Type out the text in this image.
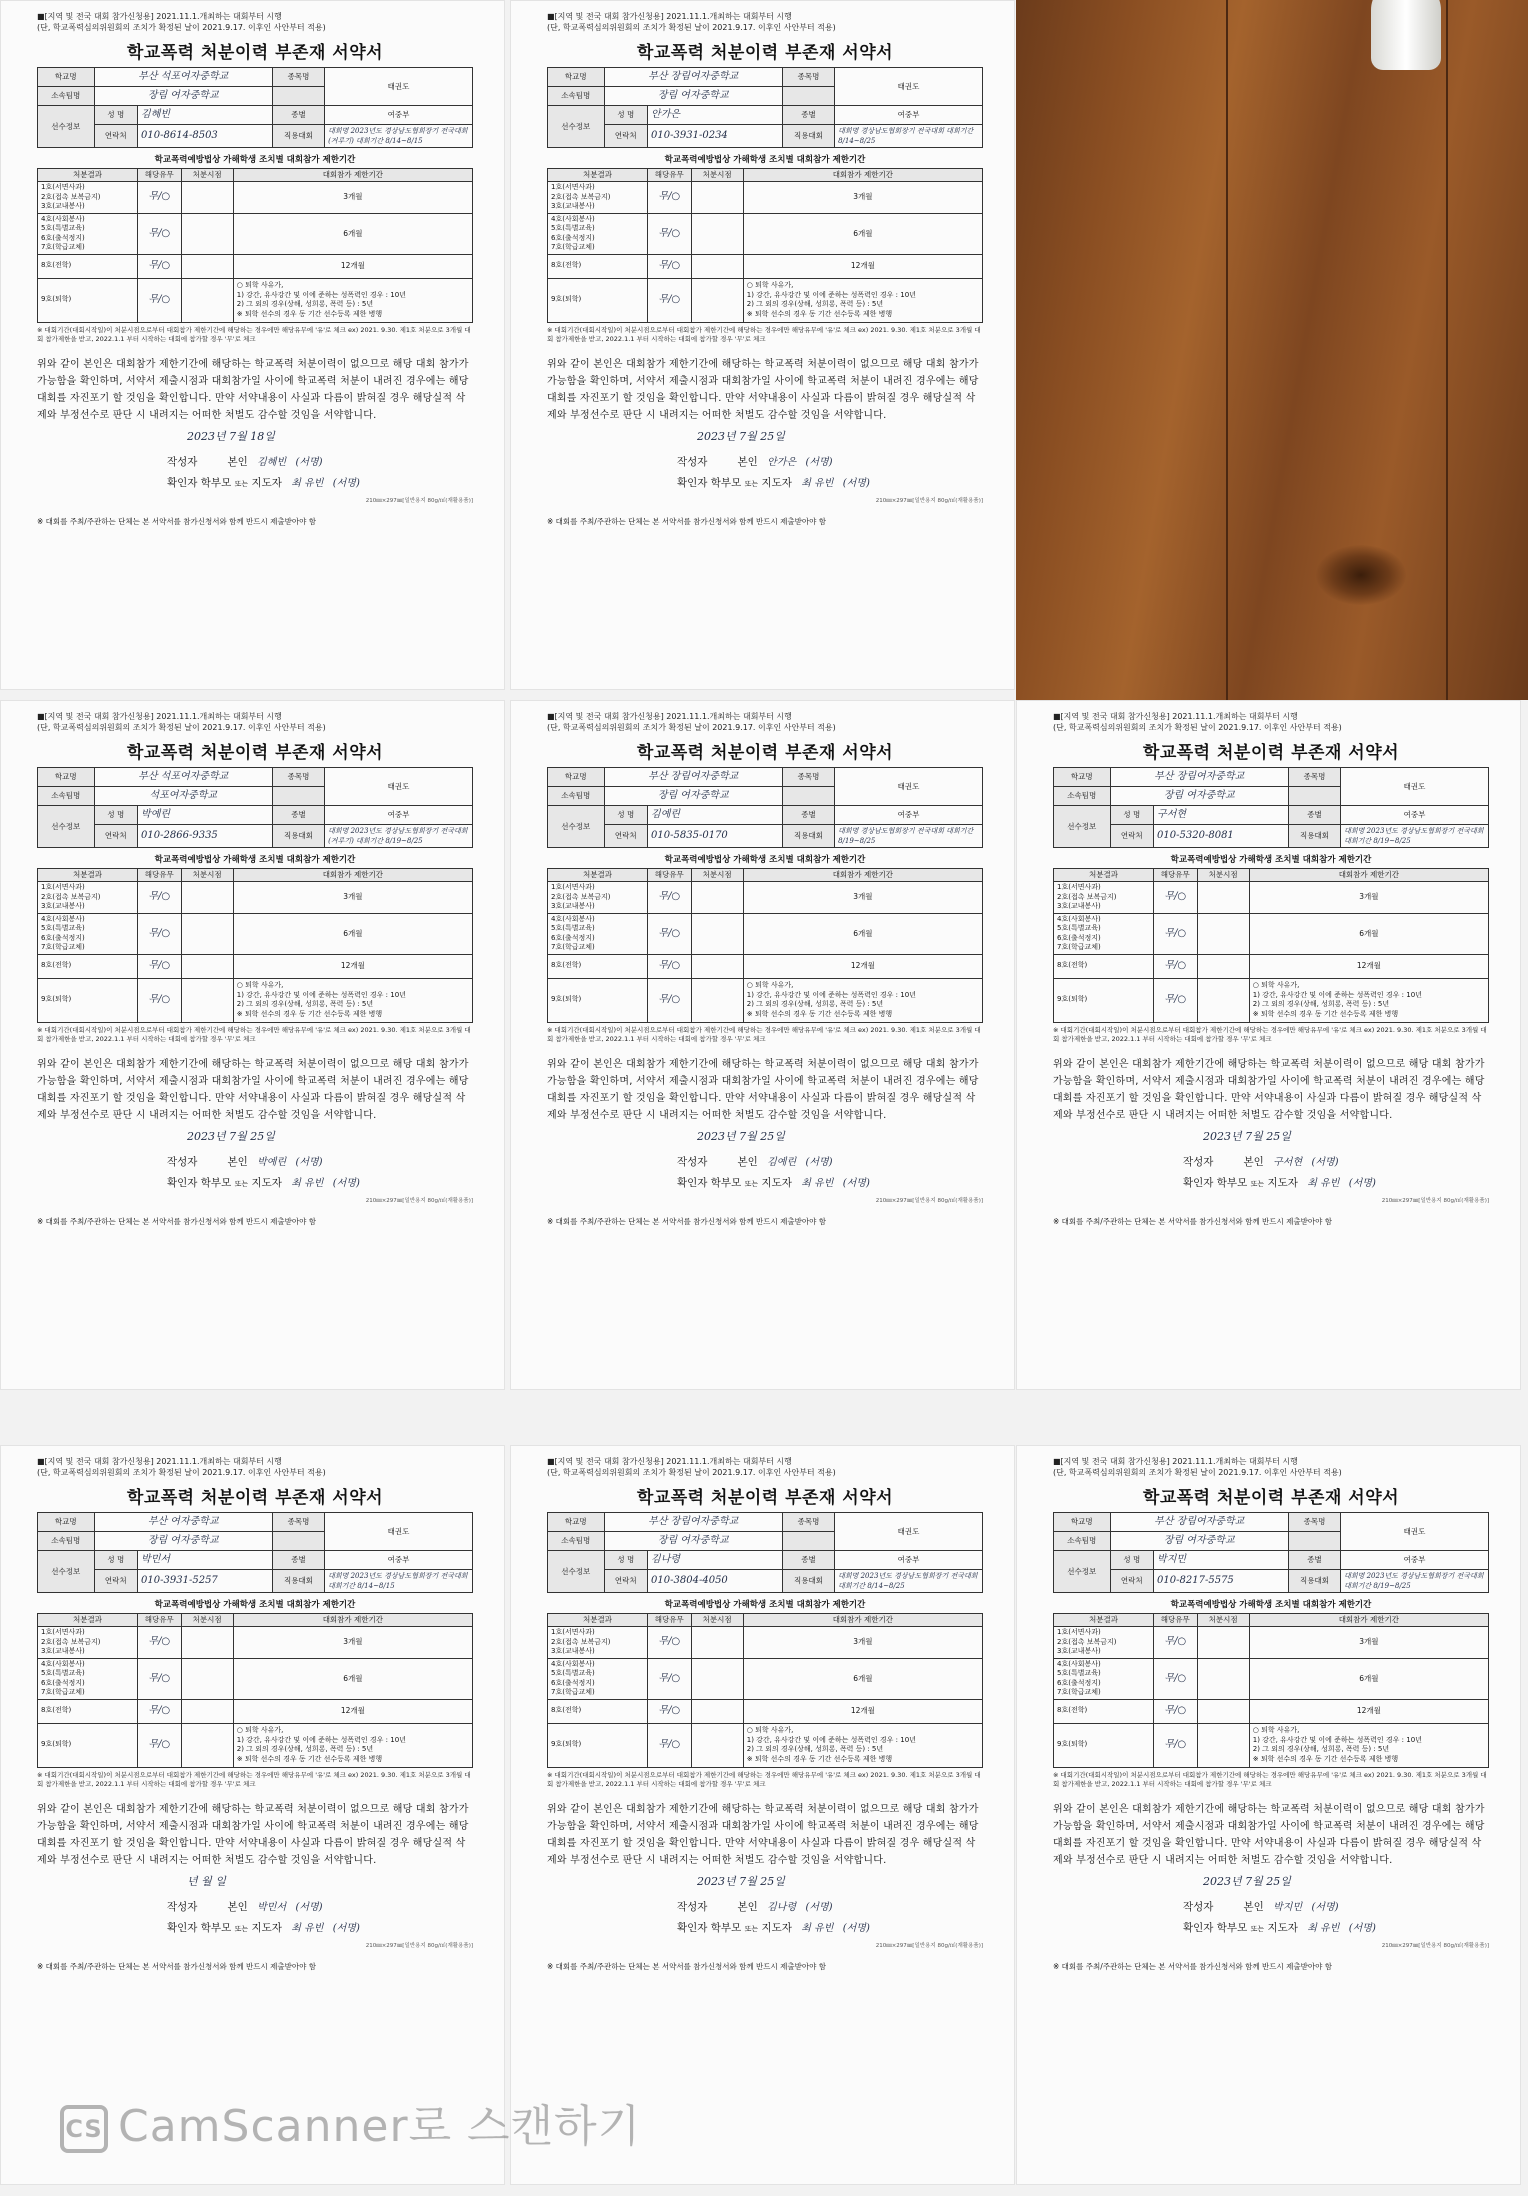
■[지역 및 전국 대회 참가신청용] 2021.11.1.개최하는 대회부터 시행
(단, 학교폭력심의위원회의 조치가 확정된 날이 2021.9.17. 이후인 사안부터 적용)
학교폭력 처분이력 부존재 서약서
학교명	부산 석포여자중학교		종목명	태권도
소속팀명	장림 여자중학교			
선수정보	성 명	김혜빈	종별	여중부
	연락처	010-8614-8503	직용대회	대회명 2023년도 경상남도협회장기 전국대회(겨루기) 대회기간 8/14~8/15
학교폭력예방법상 가해학생 조치별 대회참가 제한기간
처분결과	해당유무	처분시점	대회참가 제한기간

1호(서면사과)
2호(접촉 보복금지)
3호(교내봉사)	무/○		3개월

4호(사회봉사)
5호(특별교육)
6호(출석정지)
7호(학급교체)	무/○		6개월

8호(전학)	무/○		12개월

9호(퇴학)	무/○		○ 퇴학 사유가,
1) 강간, 유사강간 및 이에 준하는 성폭력인 경우 : 10년
2) 그 외의 경우(상해, 성희롱, 폭력 등) : 5년
※ 퇴학 선수의 경우 동 기간 선수등록 제한 병행
※ 대회기간(대회시작일)이 처분시점으로부터 대회참가 제한기간에 해당하는 경우에만 해당유무에 '유'로 체크 ex) 2021. 9.30. 제1호 처분으로 3개월 대회 참가제한을 받고, 2022.1.1 부터 시작하는 대회에 참가할 경우 '무'로 체크
위와 같이 본인은 대회참가 제한기간에 해당하는 학교폭력 처분이력이 없으므로 해당 대회 참가가 가능함을 확인하며, 서약서 제출시점과 대회참가일 사이에 학교폭력 처분이 내려진 경우에는 해당대회를 자진포기 할 것임을 확인합니다. 만약 서약내용이 사실과 다름이 밝혀질 경우 해당실적 삭제와 부정선수로 판단 시 내려지는 어떠한 처벌도 감수할 것임을 서약합니다.
2023년 7월 18일
작성자	본인 김혜빈 (서명)
확인자 학부모 또는 지도자 최 유빈 (서명)
210㎜×297㎜[일반용지 80g/㎡(재활용품)]
※ 대회를 주최/주관하는 단체는 본 서약서를 참가신청서와 함께 반드시 제출받아야 함
■[지역 및 전국 대회 참가신청용] 2021.11.1.개최하는 대회부터 시행
(단, 학교폭력심의위원회의 조치가 확정된 날이 2021.9.17. 이후인 사안부터 적용)
학교폭력 처분이력 부존재 서약서
학교명	부산 장림여자중학교		종목명	태권도
소속팀명	장림 여자중학교			
선수정보	성 명	안가은	종별	여중부
	연락처	010-3931-0234	직용대회	대회명 경상남도협회장기 전국대회 대회기간 8/14~8/25
학교폭력예방법상 가해학생 조치별 대회참가 제한기간
처분결과	해당유무	처분시점	대회참가 제한기간

1호(서면사과)
2호(접촉 보복금지)
3호(교내봉사)	무/○		3개월

4호(사회봉사)
5호(특별교육)
6호(출석정지)
7호(학급교체)	무/○		6개월

8호(전학)	무/○		12개월

9호(퇴학)	무/○		○ 퇴학 사유가,
1) 강간, 유사강간 및 이에 준하는 성폭력인 경우 : 10년
2) 그 외의 경우(상해, 성희롱, 폭력 등) : 5년
※ 퇴학 선수의 경우 동 기간 선수등록 제한 병행
※ 대회기간(대회시작일)이 처분시점으로부터 대회참가 제한기간에 해당하는 경우에만 해당유무에 '유'로 체크 ex) 2021. 9.30. 제1호 처분으로 3개월 대회 참가제한을 받고, 2022.1.1 부터 시작하는 대회에 참가할 경우 '무'로 체크
위와 같이 본인은 대회참가 제한기간에 해당하는 학교폭력 처분이력이 없으므로 해당 대회 참가가 가능함을 확인하며, 서약서 제출시점과 대회참가일 사이에 학교폭력 처분이 내려진 경우에는 해당대회를 자진포기 할 것임을 확인합니다. 만약 서약내용이 사실과 다름이 밝혀질 경우 해당실적 삭제와 부정선수로 판단 시 내려지는 어떠한 처벌도 감수할 것임을 서약합니다.
2023년 7월 25일
작성자	본인 안가은 (서명)
확인자 학부모 또는 지도자 최 유빈 (서명)
210㎜×297㎜[일반용지 80g/㎡(재활용품)]
※ 대회를 주최/주관하는 단체는 본 서약서를 참가신청서와 함께 반드시 제출받아야 함
■[지역 및 전국 대회 참가신청용] 2021.11.1.개최하는 대회부터 시행
(단, 학교폭력심의위원회의 조치가 확정된 날이 2021.9.17. 이후인 사안부터 적용)
학교폭력 처분이력 부존재 서약서
학교명	부산 석포여자중학교		종목명	태권도
소속팀명	석포여자중학교			
선수정보	성 명	박예린	종별	여중부
	연락처	010-2866-9335	직용대회	대회명 2023년도 경상남도협회장기 전국대회(겨루기) 대회기간 8/19~8/25
학교폭력예방법상 가해학생 조치별 대회참가 제한기간
처분결과	해당유무	처분시점	대회참가 제한기간

1호(서면사과)
2호(접촉 보복금지)
3호(교내봉사)	무/○		3개월

4호(사회봉사)
5호(특별교육)
6호(출석정지)
7호(학급교체)	무/○		6개월

8호(전학)	무/○		12개월

9호(퇴학)	무/○		○ 퇴학 사유가,
1) 강간, 유사강간 및 이에 준하는 성폭력인 경우 : 10년
2) 그 외의 경우(상해, 성희롱, 폭력 등) : 5년
※ 퇴학 선수의 경우 동 기간 선수등록 제한 병행
※ 대회기간(대회시작일)이 처분시점으로부터 대회참가 제한기간에 해당하는 경우에만 해당유무에 '유'로 체크 ex) 2021. 9.30. 제1호 처분으로 3개월 대회 참가제한을 받고, 2022.1.1 부터 시작하는 대회에 참가할 경우 '무'로 체크
위와 같이 본인은 대회참가 제한기간에 해당하는 학교폭력 처분이력이 없으므로 해당 대회 참가가 가능함을 확인하며, 서약서 제출시점과 대회참가일 사이에 학교폭력 처분이 내려진 경우에는 해당대회를 자진포기 할 것임을 확인합니다. 만약 서약내용이 사실과 다름이 밝혀질 경우 해당실적 삭제와 부정선수로 판단 시 내려지는 어떠한 처벌도 감수할 것임을 서약합니다.
2023년 7월 25일
작성자	본인 박예린 (서명)
확인자 학부모 또는 지도자 최 유빈 (서명)
210㎜×297㎜[일반용지 80g/㎡(재활용품)]
※ 대회를 주최/주관하는 단체는 본 서약서를 참가신청서와 함께 반드시 제출받아야 함
■[지역 및 전국 대회 참가신청용] 2021.11.1.개최하는 대회부터 시행
(단, 학교폭력심의위원회의 조치가 확정된 날이 2021.9.17. 이후인 사안부터 적용)
학교폭력 처분이력 부존재 서약서
학교명	부산 장림여자중학교		종목명	태권도
소속팀명	장림 여자중학교			
선수정보	성 명	김예린	종별	여중부
	연락처	010-5835-0170	직용대회	대회명 경상남도협회장기 전국대회 대회기간 8/19~8/25
학교폭력예방법상 가해학생 조치별 대회참가 제한기간
처분결과	해당유무	처분시점	대회참가 제한기간

1호(서면사과)
2호(접촉 보복금지)
3호(교내봉사)	무/○		3개월

4호(사회봉사)
5호(특별교육)
6호(출석정지)
7호(학급교체)	무/○		6개월

8호(전학)	무/○		12개월

9호(퇴학)	무/○		○ 퇴학 사유가,
1) 강간, 유사강간 및 이에 준하는 성폭력인 경우 : 10년
2) 그 외의 경우(상해, 성희롱, 폭력 등) : 5년
※ 퇴학 선수의 경우 동 기간 선수등록 제한 병행
※ 대회기간(대회시작일)이 처분시점으로부터 대회참가 제한기간에 해당하는 경우에만 해당유무에 '유'로 체크 ex) 2021. 9.30. 제1호 처분으로 3개월 대회 참가제한을 받고, 2022.1.1 부터 시작하는 대회에 참가할 경우 '무'로 체크
위와 같이 본인은 대회참가 제한기간에 해당하는 학교폭력 처분이력이 없으므로 해당 대회 참가가 가능함을 확인하며, 서약서 제출시점과 대회참가일 사이에 학교폭력 처분이 내려진 경우에는 해당대회를 자진포기 할 것임을 확인합니다. 만약 서약내용이 사실과 다름이 밝혀질 경우 해당실적 삭제와 부정선수로 판단 시 내려지는 어떠한 처벌도 감수할 것임을 서약합니다.
2023년 7월 25일
작성자	본인 김예린 (서명)
확인자 학부모 또는 지도자 최 유빈 (서명)
210㎜×297㎜[일반용지 80g/㎡(재활용품)]
※ 대회를 주최/주관하는 단체는 본 서약서를 참가신청서와 함께 반드시 제출받아야 함
■[지역 및 전국 대회 참가신청용] 2021.11.1.개최하는 대회부터 시행
(단, 학교폭력심의위원회의 조치가 확정된 날이 2021.9.17. 이후인 사안부터 적용)
학교폭력 처분이력 부존재 서약서
학교명	부산 장림여자중학교		종목명	태권도
소속팀명	장림 여자중학교			
선수정보	성 명	구서현	종별	여중부
	연락처	010-5320-8081	직용대회	대회명 2023년도 경상남도협회장기 전국대회 대회기간 8/19~8/25
학교폭력예방법상 가해학생 조치별 대회참가 제한기간
처분결과	해당유무	처분시점	대회참가 제한기간

1호(서면사과)
2호(접촉 보복금지)
3호(교내봉사)	무/○		3개월

4호(사회봉사)
5호(특별교육)
6호(출석정지)
7호(학급교체)	무/○		6개월

8호(전학)	무/○		12개월

9호(퇴학)	무/○		○ 퇴학 사유가,
1) 강간, 유사강간 및 이에 준하는 성폭력인 경우 : 10년
2) 그 외의 경우(상해, 성희롱, 폭력 등) : 5년
※ 퇴학 선수의 경우 동 기간 선수등록 제한 병행
※ 대회기간(대회시작일)이 처분시점으로부터 대회참가 제한기간에 해당하는 경우에만 해당유무에 '유'로 체크 ex) 2021. 9.30. 제1호 처분으로 3개월 대회 참가제한을 받고, 2022.1.1 부터 시작하는 대회에 참가할 경우 '무'로 체크
위와 같이 본인은 대회참가 제한기간에 해당하는 학교폭력 처분이력이 없으므로 해당 대회 참가가 가능함을 확인하며, 서약서 제출시점과 대회참가일 사이에 학교폭력 처분이 내려진 경우에는 해당대회를 자진포기 할 것임을 확인합니다. 만약 서약내용이 사실과 다름이 밝혀질 경우 해당실적 삭제와 부정선수로 판단 시 내려지는 어떠한 처벌도 감수할 것임을 서약합니다.
2023년 7월 25일
작성자	본인 구서현 (서명)
확인자 학부모 또는 지도자 최 유빈 (서명)
210㎜×297㎜[일반용지 80g/㎡(재활용품)]
※ 대회를 주최/주관하는 단체는 본 서약서를 참가신청서와 함께 반드시 제출받아야 함
■[지역 및 전국 대회 참가신청용] 2021.11.1.개최하는 대회부터 시행
(단, 학교폭력심의위원회의 조치가 확정된 날이 2021.9.17. 이후인 사안부터 적용)
학교폭력 처분이력 부존재 서약서
학교명	부산 여자중학교		종목명	태권도
소속팀명	장림 여자중학교			
선수정보	성 명	박민서	종별	여중부
	연락처	010-3931-5257	직용대회	대회명 2023년도 경상남도협회장기 전국대회 대회기간 8/14~8/15
학교폭력예방법상 가해학생 조치별 대회참가 제한기간
처분결과	해당유무	처분시점	대회참가 제한기간

1호(서면사과)
2호(접촉 보복금지)
3호(교내봉사)	무/○		3개월

4호(사회봉사)
5호(특별교육)
6호(출석정지)
7호(학급교체)	무/○		6개월

8호(전학)	무/○		12개월

9호(퇴학)	무/○		○ 퇴학 사유가,
1) 강간, 유사강간 및 이에 준하는 성폭력인 경우 : 10년
2) 그 외의 경우(상해, 성희롱, 폭력 등) : 5년
※ 퇴학 선수의 경우 동 기간 선수등록 제한 병행
※ 대회기간(대회시작일)이 처분시점으로부터 대회참가 제한기간에 해당하는 경우에만 해당유무에 '유'로 체크 ex) 2021. 9.30. 제1호 처분으로 3개월 대회 참가제한을 받고, 2022.1.1 부터 시작하는 대회에 참가할 경우 '무'로 체크
위와 같이 본인은 대회참가 제한기간에 해당하는 학교폭력 처분이력이 없으므로 해당 대회 참가가 가능함을 확인하며, 서약서 제출시점과 대회참가일 사이에 학교폭력 처분이 내려진 경우에는 해당대회를 자진포기 할 것임을 확인합니다. 만약 서약내용이 사실과 다름이 밝혀질 경우 해당실적 삭제와 부정선수로 판단 시 내려지는 어떠한 처벌도 감수할 것임을 서약합니다.
년 월 일
작성자	본인 박민서 (서명)
확인자 학부모 또는 지도자 최 유빈 (서명)
210㎜×297㎜[일반용지 80g/㎡(재활용품)]
※ 대회를 주최/주관하는 단체는 본 서약서를 참가신청서와 함께 반드시 제출받아야 함
■[지역 및 전국 대회 참가신청용] 2021.11.1.개최하는 대회부터 시행
(단, 학교폭력심의위원회의 조치가 확정된 날이 2021.9.17. 이후인 사안부터 적용)
학교폭력 처분이력 부존재 서약서
학교명	부산 장림여자중학교		종목명	태권도
소속팀명	장림 여자중학교			
선수정보	성 명	김나령	종별	여중부
	연락처	010-3804-4050	직용대회	대회명 2023년도 경상남도협회장기 전국대회 대회기간 8/14~8/25
학교폭력예방법상 가해학생 조치별 대회참가 제한기간
처분결과	해당유무	처분시점	대회참가 제한기간

1호(서면사과)
2호(접촉 보복금지)
3호(교내봉사)	무/○		3개월

4호(사회봉사)
5호(특별교육)
6호(출석정지)
7호(학급교체)	무/○		6개월

8호(전학)	무/○		12개월

9호(퇴학)	무/○		○ 퇴학 사유가,
1) 강간, 유사강간 및 이에 준하는 성폭력인 경우 : 10년
2) 그 외의 경우(상해, 성희롱, 폭력 등) : 5년
※ 퇴학 선수의 경우 동 기간 선수등록 제한 병행
※ 대회기간(대회시작일)이 처분시점으로부터 대회참가 제한기간에 해당하는 경우에만 해당유무에 '유'로 체크 ex) 2021. 9.30. 제1호 처분으로 3개월 대회 참가제한을 받고, 2022.1.1 부터 시작하는 대회에 참가할 경우 '무'로 체크
위와 같이 본인은 대회참가 제한기간에 해당하는 학교폭력 처분이력이 없으므로 해당 대회 참가가 가능함을 확인하며, 서약서 제출시점과 대회참가일 사이에 학교폭력 처분이 내려진 경우에는 해당대회를 자진포기 할 것임을 확인합니다. 만약 서약내용이 사실과 다름이 밝혀질 경우 해당실적 삭제와 부정선수로 판단 시 내려지는 어떠한 처벌도 감수할 것임을 서약합니다.
2023년 7월 25일
작성자	본인 김나령 (서명)
확인자 학부모 또는 지도자 최 유빈 (서명)
210㎜×297㎜[일반용지 80g/㎡(재활용품)]
※ 대회를 주최/주관하는 단체는 본 서약서를 참가신청서와 함께 반드시 제출받아야 함
■[지역 및 전국 대회 참가신청용] 2021.11.1.개최하는 대회부터 시행
(단, 학교폭력심의위원회의 조치가 확정된 날이 2021.9.17. 이후인 사안부터 적용)
학교폭력 처분이력 부존재 서약서
학교명	부산 장림여자중학교		종목명	태권도
소속팀명	장림 여자중학교			
선수정보	성 명	박지민	종별	여중부
	연락처	010-8217-5575	직용대회	대회명 2023년도 경상남도협회장기 전국대회 대회기간 8/19~8/25
학교폭력예방법상 가해학생 조치별 대회참가 제한기간
처분결과	해당유무	처분시점	대회참가 제한기간

1호(서면사과)
2호(접촉 보복금지)
3호(교내봉사)	무/○		3개월

4호(사회봉사)
5호(특별교육)
6호(출석정지)
7호(학급교체)	무/○		6개월

8호(전학)	무/○		12개월

9호(퇴학)	무/○		○ 퇴학 사유가,
1) 강간, 유사강간 및 이에 준하는 성폭력인 경우 : 10년
2) 그 외의 경우(상해, 성희롱, 폭력 등) : 5년
※ 퇴학 선수의 경우 동 기간 선수등록 제한 병행
※ 대회기간(대회시작일)이 처분시점으로부터 대회참가 제한기간에 해당하는 경우에만 해당유무에 '유'로 체크 ex) 2021. 9.30. 제1호 처분으로 3개월 대회 참가제한을 받고, 2022.1.1 부터 시작하는 대회에 참가할 경우 '무'로 체크
위와 같이 본인은 대회참가 제한기간에 해당하는 학교폭력 처분이력이 없으므로 해당 대회 참가가 가능함을 확인하며, 서약서 제출시점과 대회참가일 사이에 학교폭력 처분이 내려진 경우에는 해당대회를 자진포기 할 것임을 확인합니다. 만약 서약내용이 사실과 다름이 밝혀질 경우 해당실적 삭제와 부정선수로 판단 시 내려지는 어떠한 처벌도 감수할 것임을 서약합니다.
2023년 7월 25일
작성자	본인 박지민 (서명)
확인자 학부모 또는 지도자 최 유빈 (서명)
210㎜×297㎜[일반용지 80g/㎡(재활용품)]
※ 대회를 주최/주관하는 단체는 본 서약서를 참가신청서와 함께 반드시 제출받아야 함
CS CamScanner로 스캔하기
